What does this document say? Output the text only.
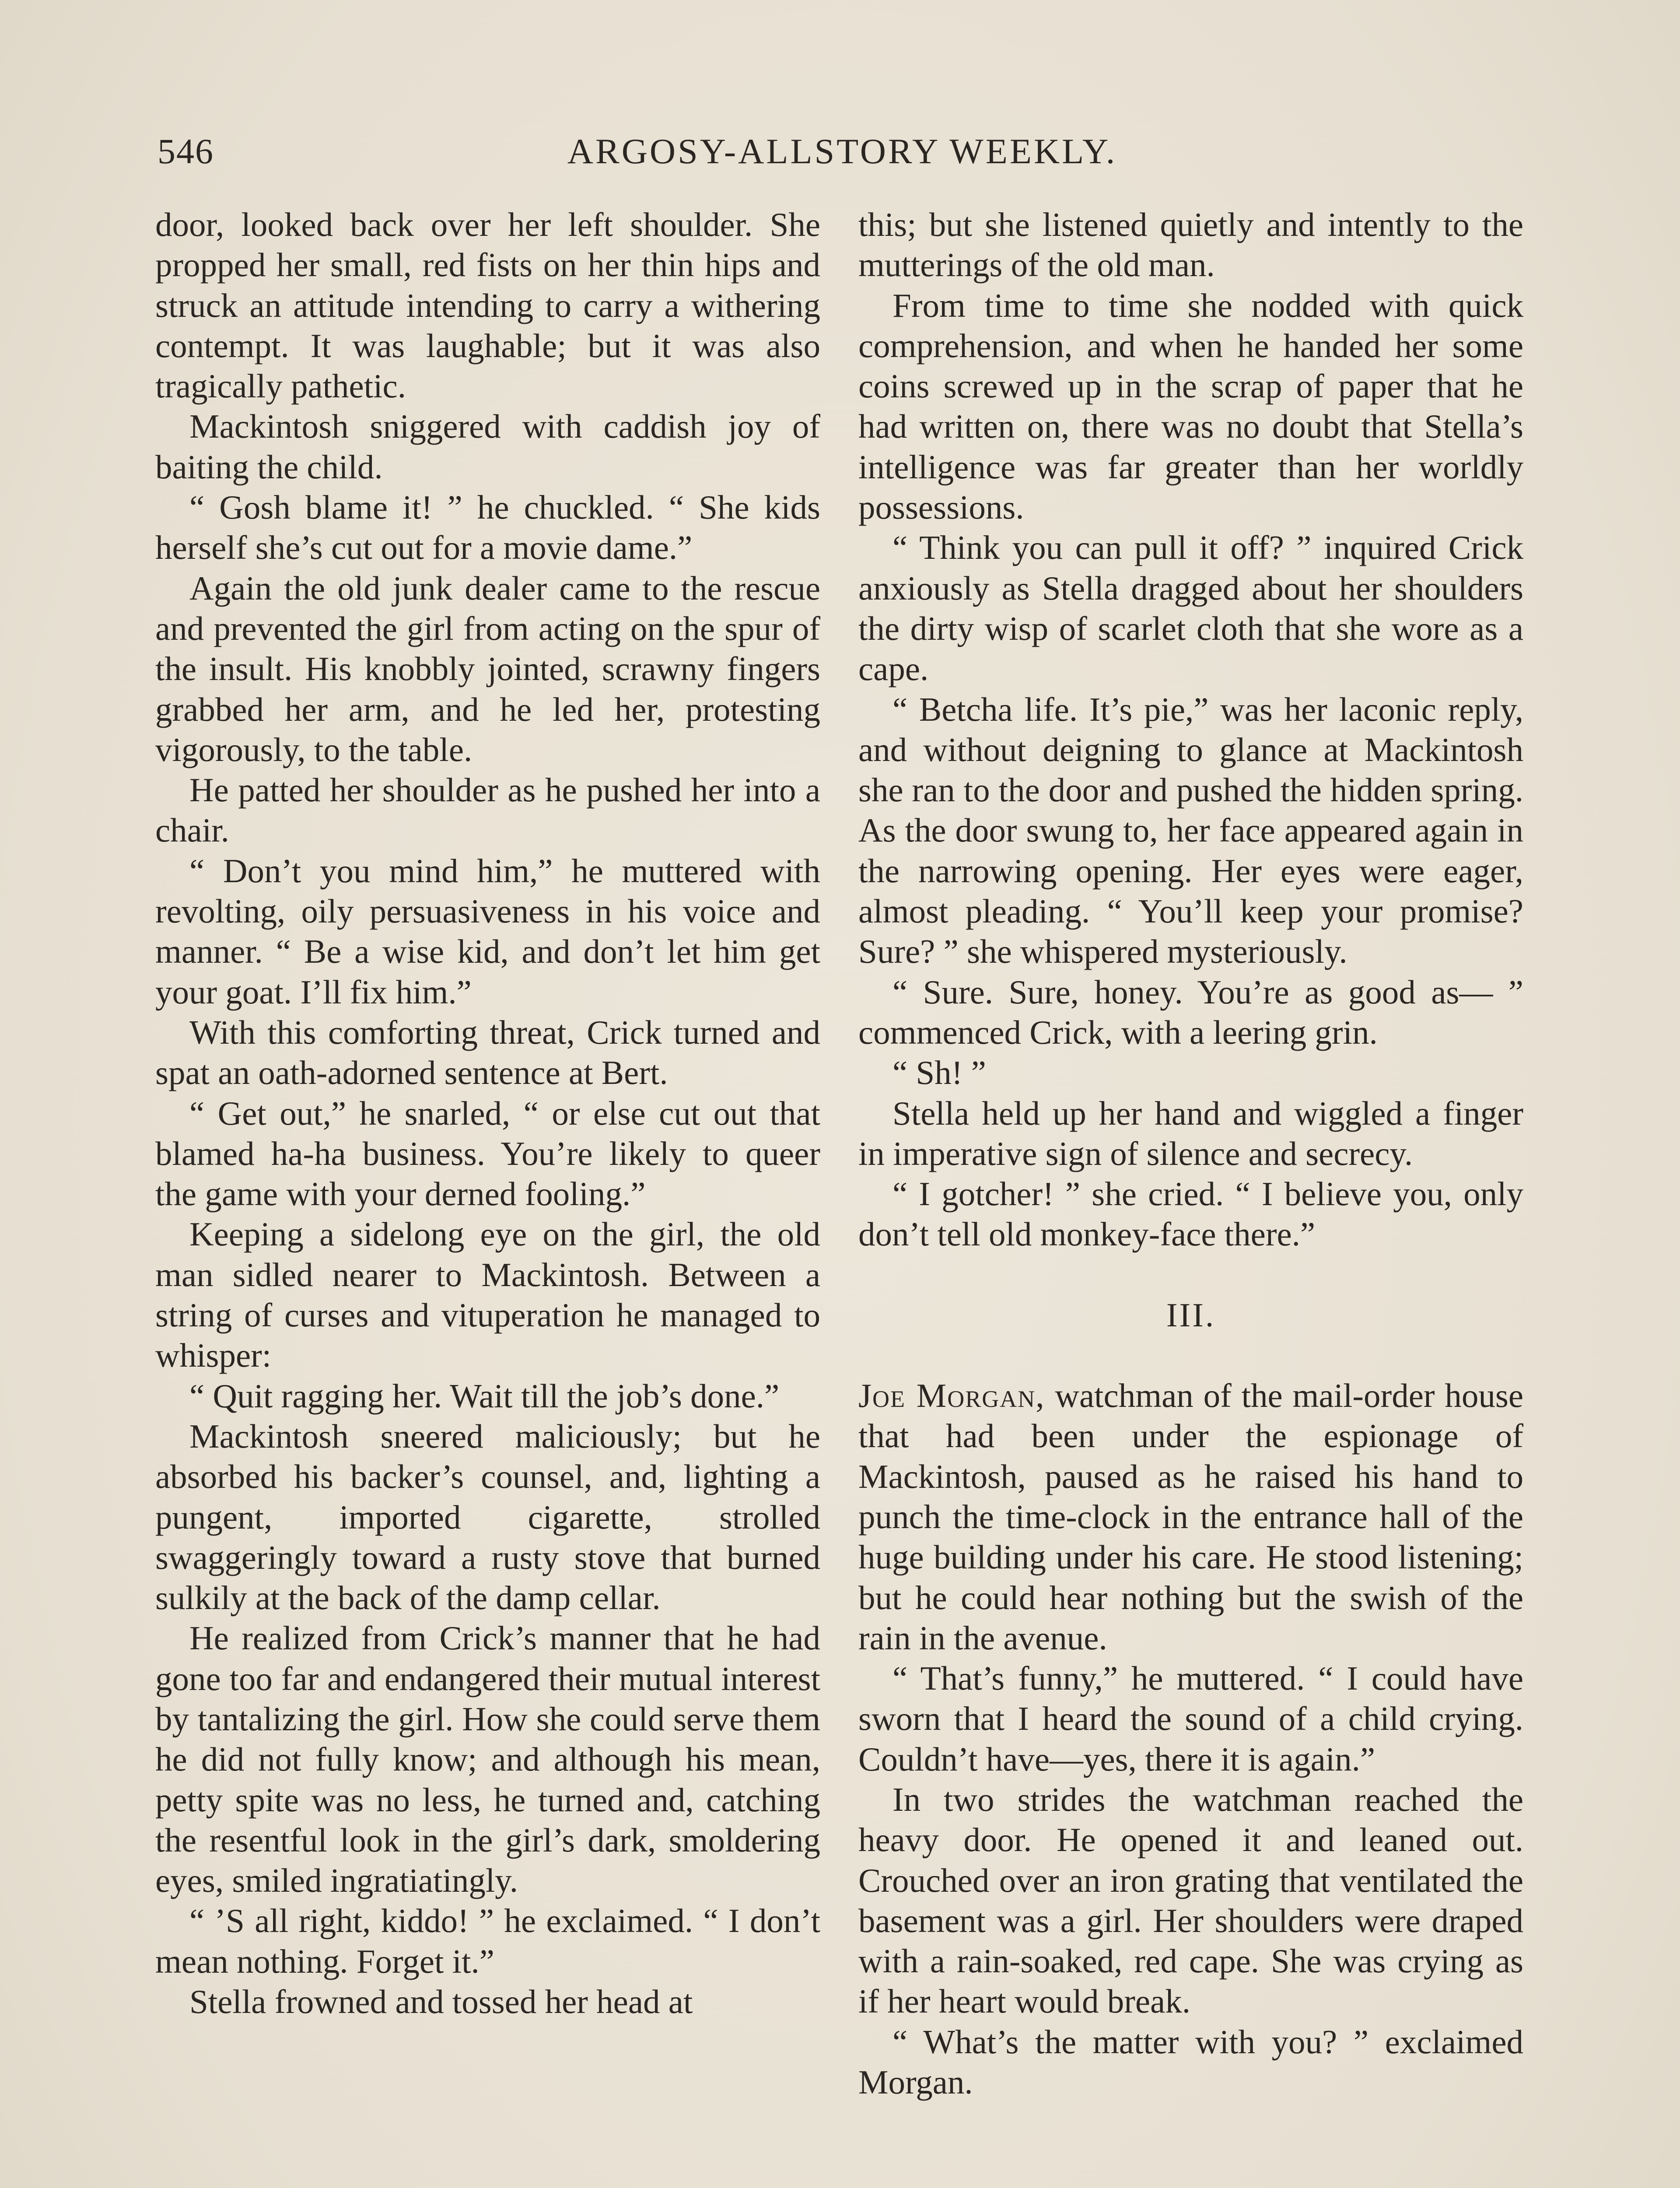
546	ARGOSY-ALLSTORY WEEKLY.

door, looked back over her left shoulder. She propped her small, red fists on her thin hips and struck an attitude intending to carry a withering contempt. It was laughable; but it was also tragically pathetic.

Mackintosh sniggered with caddish joy of baiting the child.

“ Gosh blame it! ” he chuckled. “ She kids herself she’s cut out for a movie dame.”

Again the old junk dealer came to the rescue and prevented the girl from acting on the spur of the insult. His knobbly jointed, scrawny fingers grabbed her arm, and he led her, protesting vigorously, to the table.

He patted her shoulder as he pushed her into a chair.

“ Don’t you mind him,” he muttered with revolting, oily persuasiveness in his voice and manner. “ Be a wise kid, and don’t let him get your goat. I’ll fix him.”

With this comforting threat, Crick turned and spat an oath-adorned sentence at Bert.

“ Get out,” he snarled, “ or else cut out that blamed ha-ha business. You’re likely to queer the game with your derned fooling.”

Keeping a sidelong eye on the girl, the old man sidled nearer to Mackintosh. Between a string of curses and vituperation he managed to whisper:

“ Quit ragging her. Wait till the job’s done.”

Mackintosh sneered maliciously; but he absorbed his backer’s counsel, and, lighting a pungent, imported cigarette, strolled swaggeringly toward a rusty stove that burned sulkily at the back of the damp cellar.

He realized from Crick’s manner that he had gone too far and endangered their mutual interest by tantalizing the girl. How she could serve them he did not fully know; and although his mean, petty spite was no less, he turned and, catching the resentful look in the girl’s dark, smoldering eyes, smiled ingratiatingly.

“ ’S all right, kiddo! ” he exclaimed. “ I don’t mean nothing. Forget it.”

Stella frowned and tossed her head at

this; but she listened quietly and intently to the mutterings of the old man.

From time to time she nodded with quick comprehension, and when he handed her some coins screwed up in the scrap of paper that he had written on, there was no doubt that Stella’s intelligence was far greater than her worldly possessions.

“ Think you can pull it off? ” inquired Crick anxiously as Stella dragged about her shoulders the dirty wisp of scarlet cloth that she wore as a cape.

“ Betcha life. It’s pie,” was her laconic reply, and without deigning to glance at Mackintosh she ran to the door and pushed the hidden spring. As the door swung to, her face appeared again in the narrowing opening. Her eyes were eager, almost pleading. “ You’ll keep your promise? Sure? ” she whispered mysteriously.

“ Sure. Sure, honey. You’re as good as— ” commenced Crick, with a leering grin.

“ Sh! ”

Stella held up her hand and wiggled a finger in imperative sign of silence and secrecy.

“ I gotcher! ” she cried. “ I believe you, only don’t tell old monkey-face there.”

III.

Joe Morgan, watchman of the mail-order house that had been under the espionage of Mackintosh, paused as he raised his hand to punch the time-clock in the entrance hall of the huge building under his care. He stood listening; but he could hear nothing but the swish of the rain in the avenue.

“ That’s funny,” he muttered. “ I could have sworn that I heard the sound of a child crying. Couldn’t have—yes, there it is again.”

In two strides the watchman reached the heavy door. He opened it and leaned out. Crouched over an iron grating that ventilated the basement was a girl. Her shoulders were draped with a rain-soaked, red cape. She was crying as if her heart would break.

“ What’s the matter with you? ” exclaimed Morgan.
